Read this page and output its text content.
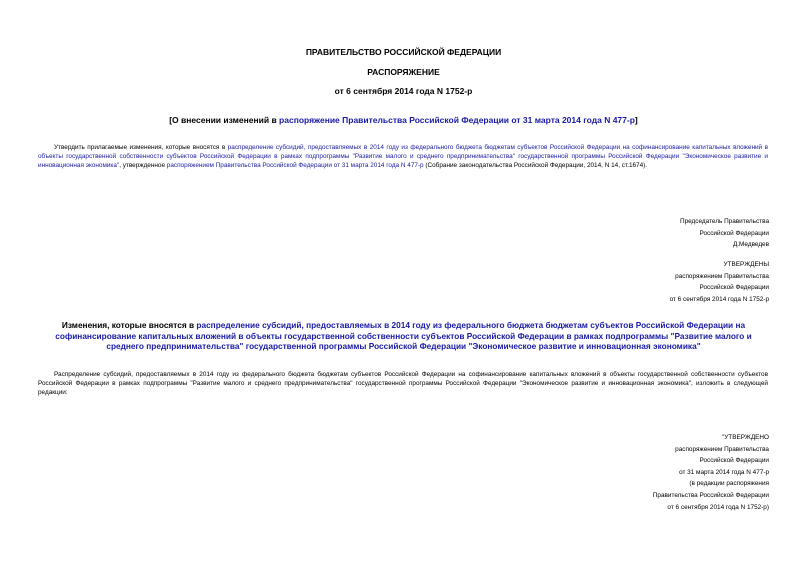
ПРАВИТЕЛЬСТВО РОССИЙСКОЙ ФЕДЕРАЦИИ
РАСПОРЯЖЕНИЕ
от 6 сентября 2014 года N 1752-р
[О внесении изменений в распоряжение Правительства Российской Федерации от 31 марта 2014 года N 477-р]

Утвердить прилагаемые изменения, которые вносятся в распределение субсидий, предоставляемых в 2014 году из федерального бюджета бюджетам субъектов Российской Федерации на софинансирование капитальных вложений в объекты государственной собственности субъектов Российской Федерации в рамках подпрограммы "Развитие малого и среднего предпринимательства" государственной программы Российской Федерации "Экономическое развитие и инновационная экономика", утвержденное распоряжением Правительства Российской Федерации от 31 марта 2014 года N 477-р (Собрание законодательства Российской Федерации, 2014, N 14, ст.1674).

Председатель Правительства
Российской Федерации
Д.Медведев
УТВЕРЖДЕНЫ
распоряжением Правительства
Российской Федерации
от 6 сентября 2014 года N 1752-р
Изменения, которые вносятся в распределение субсидий, предоставляемых в 2014 году из федерального бюджета бюджетам субъектов Российской Федерации на софинансирование капитальных вложений в объекты государственной собственности субъектов Российской Федерации в рамках подпрограммы "Развитие малого и среднего предпринимательства" государственной программы Российской Федерации "Экономическое развитие и инновационная экономика"

Распределение субсидий, предоставляемых в 2014 году из федерального бюджета бюджетам субъектов Российской Федерации на софинансирование капитальных вложений в объекты государственной собственности субъектов Российской Федерации в рамках подпрограммы "Развитие малого и среднего предпринимательства" государственной программы Российской Федерации "Экономическое развитие и инновационная экономика", изложить в следующей редакции:

"УТВЕРЖДЕНО
распоряжением Правительства
Российской Федерации
от 31 марта 2014 года N 477-р
(в редакции распоряжения
Правительства Российской Федерации
от 6 сентября 2014 года N 1752-р)
